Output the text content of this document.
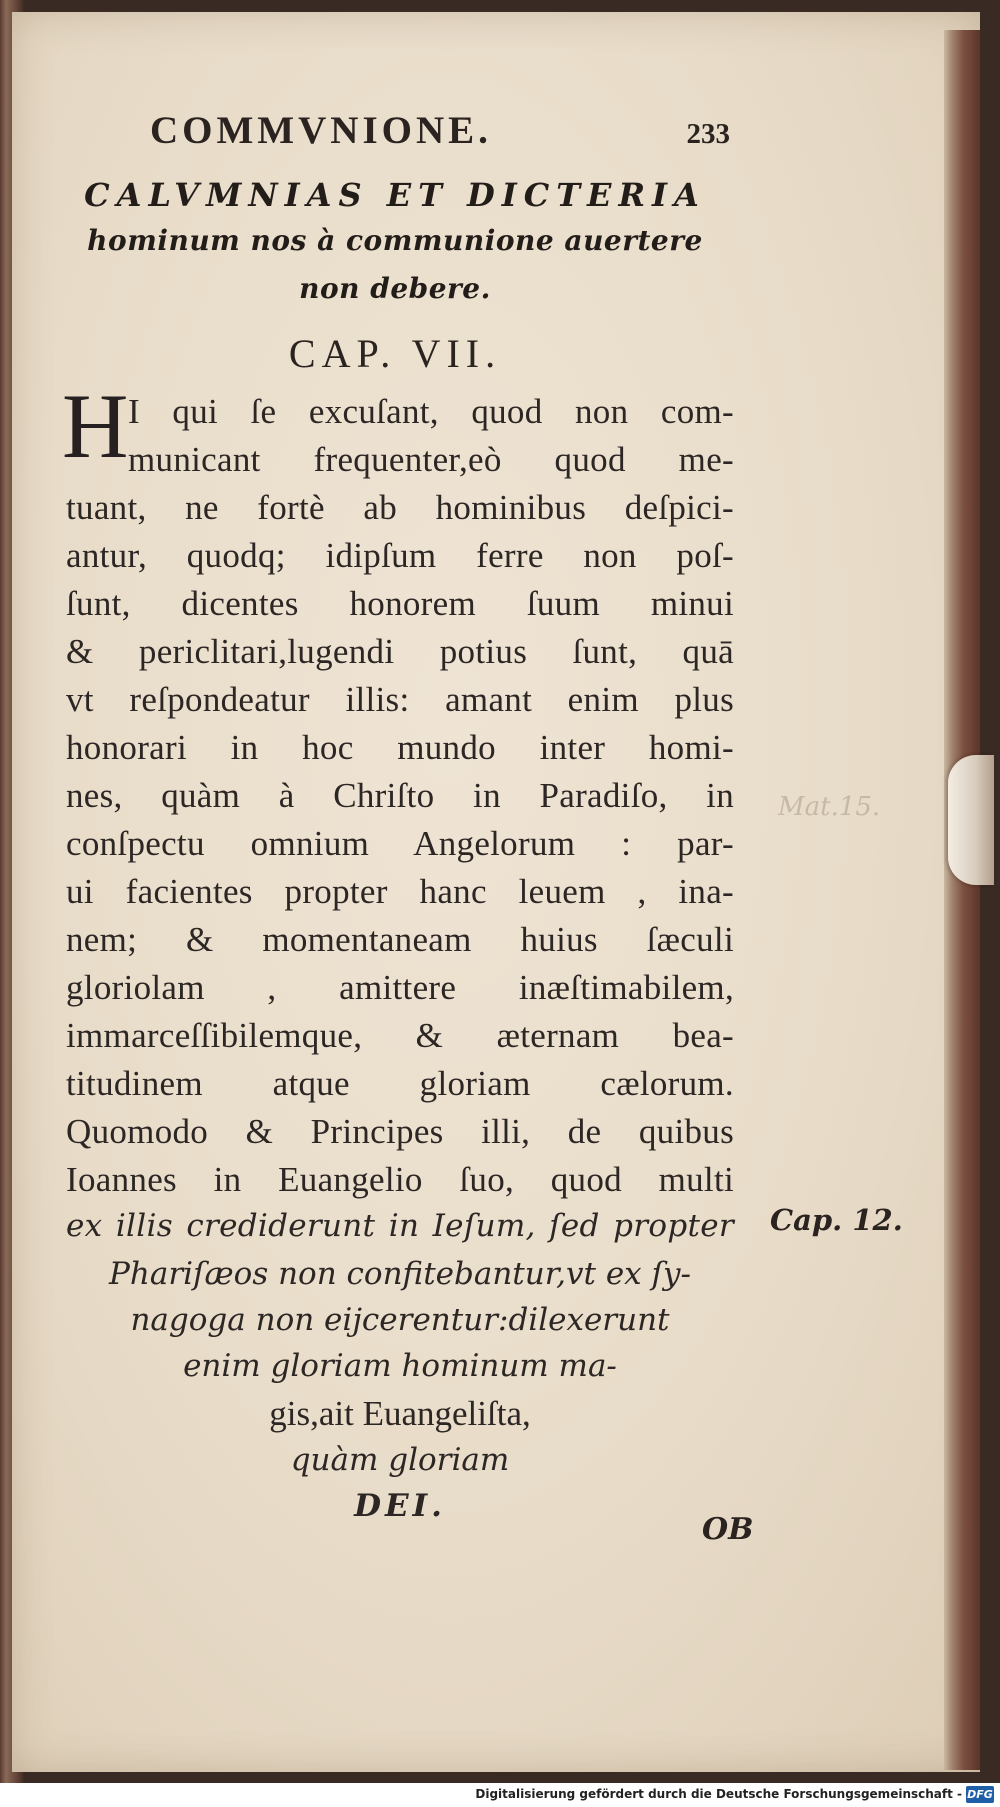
Mat.15.
COMMVNIONE.	233
CALVMNIAS ET DICTERIA
hominum nos à communione auertere
non debere.
CAP. VII.
H I qui ſe excuſant, quod non com-
municant frequenter,eò quod me-
tuant, ne fortè ab hominibus deſpici-
antur, quodq; idipſum ferre non poſ-
ſunt, dicentes honorem ſuum minui
& periclitari,lugendi potius ſunt, quā
vt reſpondeatur illis: amant enim plus
honorari in hoc mundo inter homi-
nes, quàm à Chriſto in Paradiſo, in
conſpectu omnium Angelorum : par-
ui facientes propter hanc leuem , ina-
nem; & momentaneam huius ſæculi
gloriolam , amittere inæſtimabilem,
immarceſſibilemque, & æternam bea-
titudinem atque gloriam cælorum.
Quomodo & Principes illi, de quibus
Ioannes in Euangelio ſuo, quod multi
ex illis crediderunt in Ieſum, ſed propter
Phariſæos non confitebantur,vt ex ſy-
nagoga non eijcerentur:dilexerunt
enim gloriam hominum ma-
gis,ait Euangeliſta,
quàm gloriam
DEI.
Cap. 12.
OB
Digitalisierung gefördert durch die Deutsche Forschungsgemeinschaft - DFG
